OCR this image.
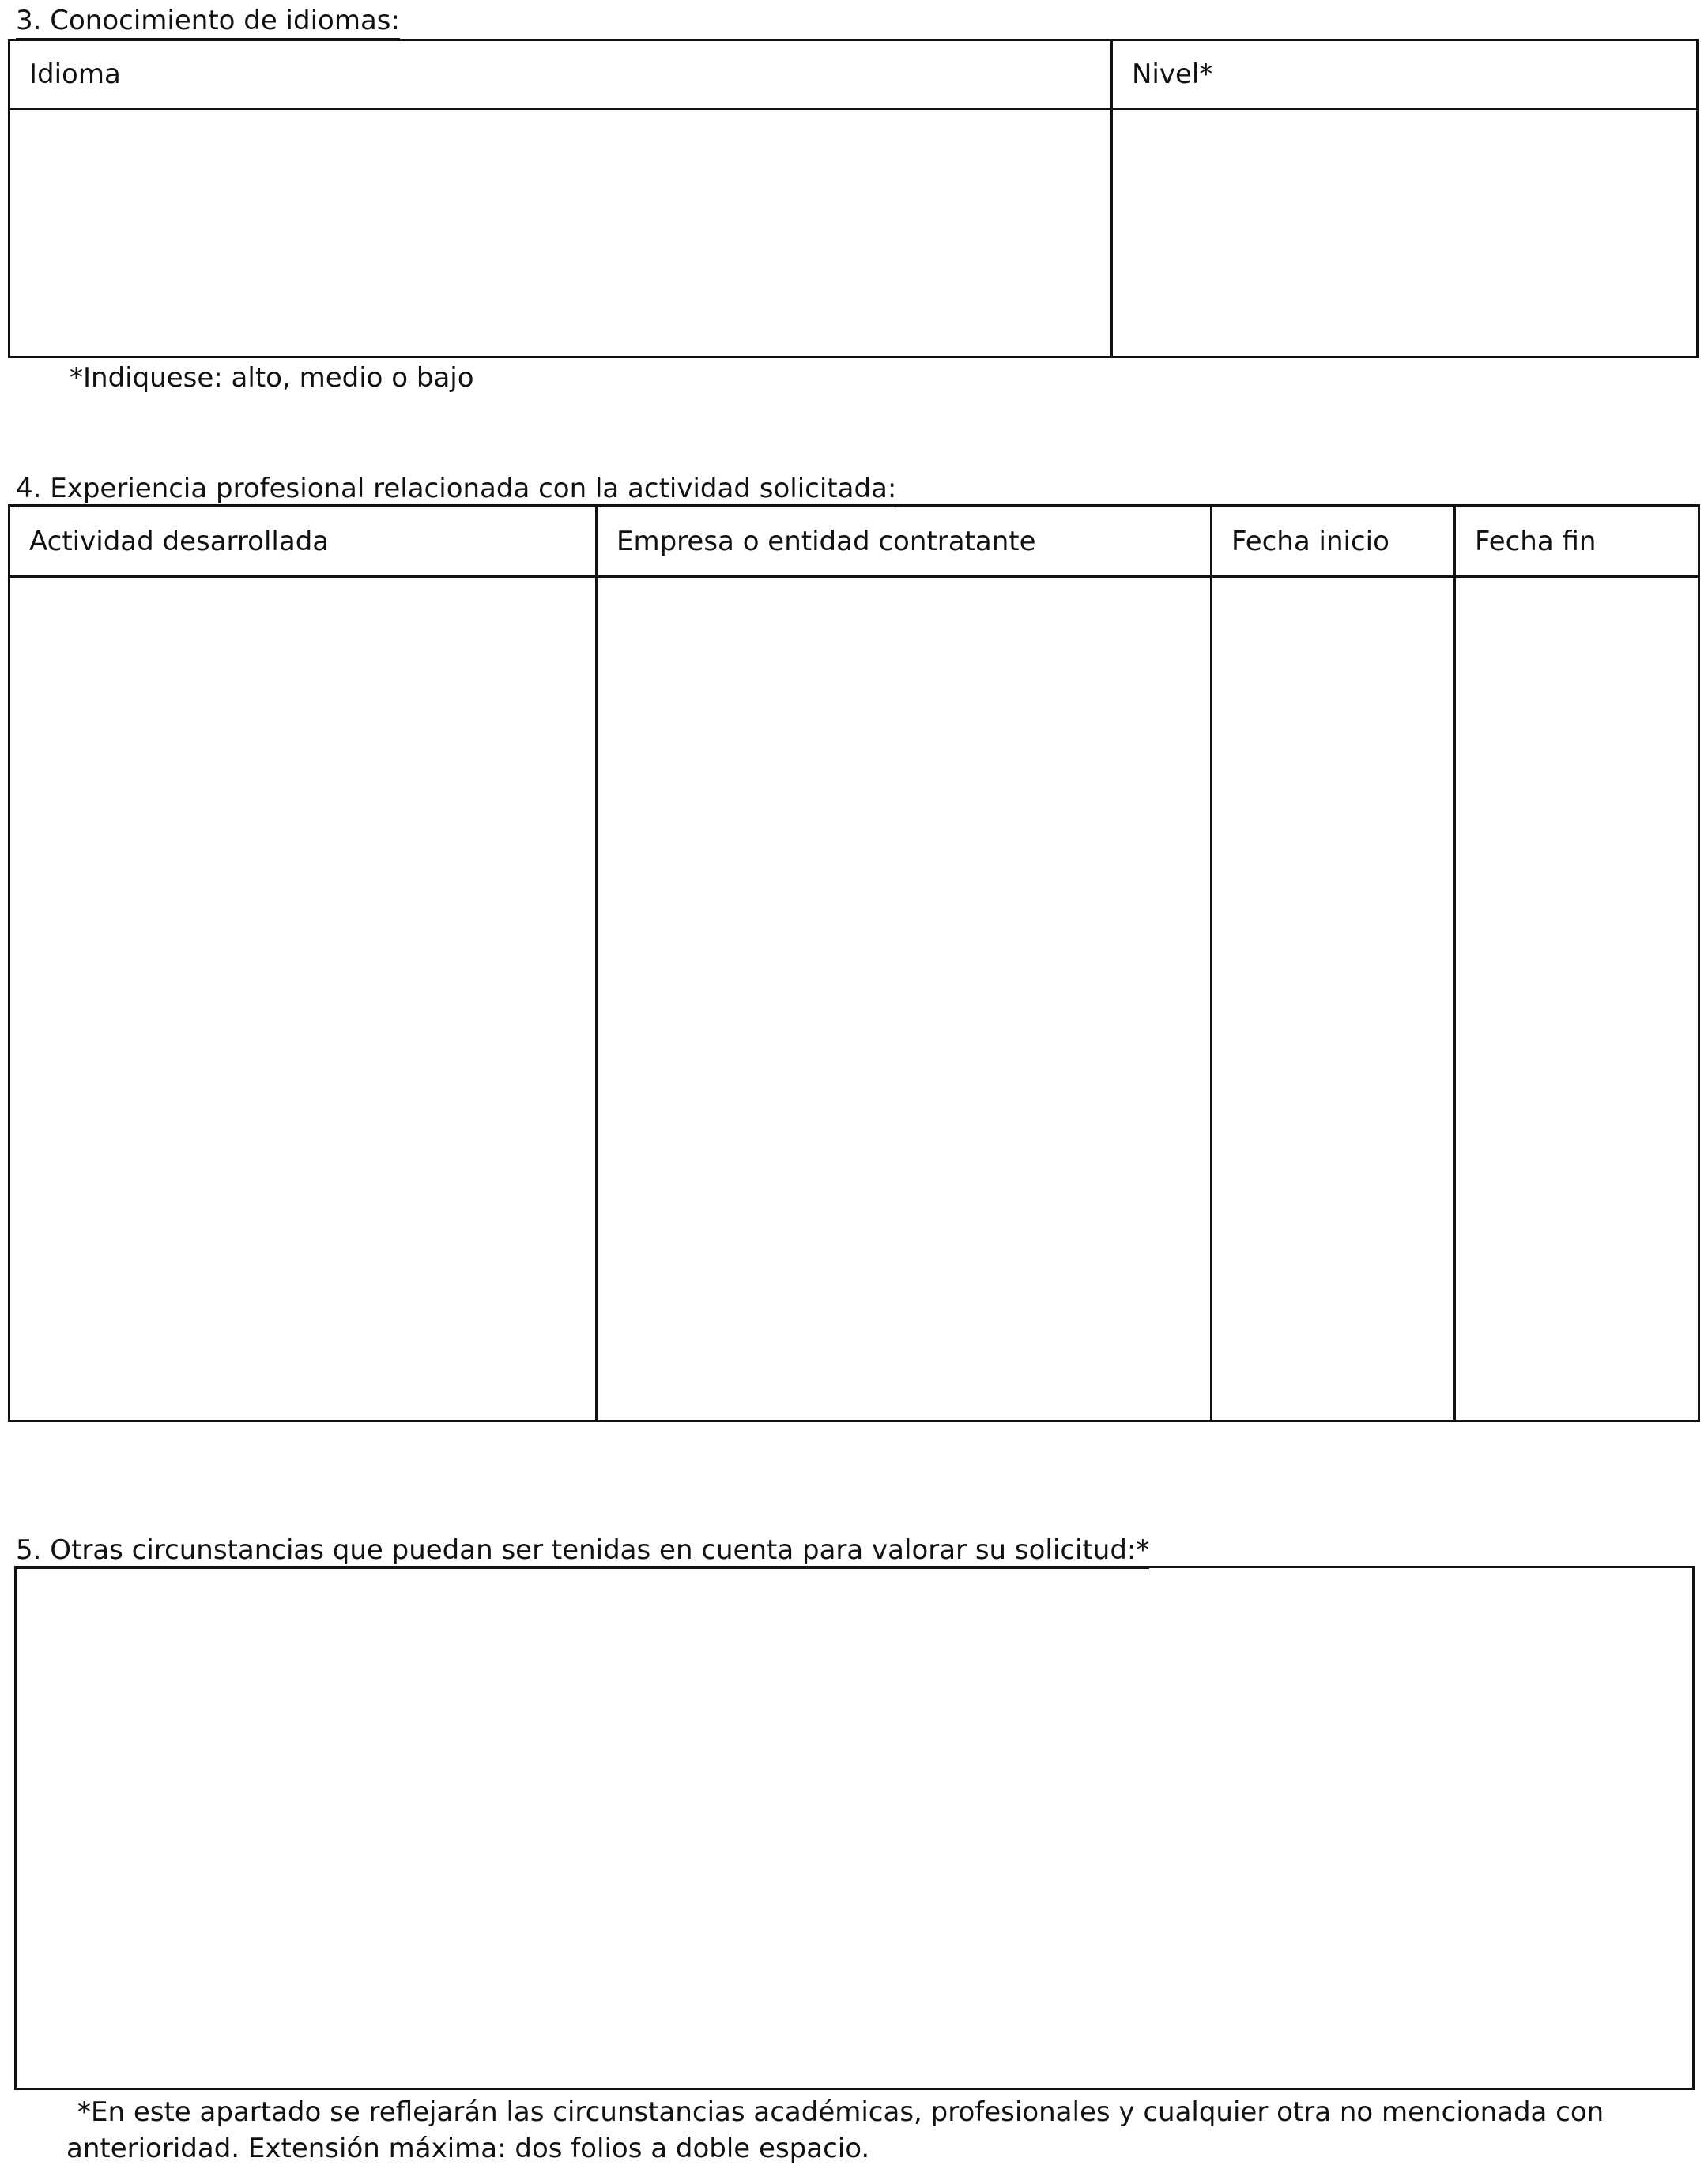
3. Conocimiento de idiomas:
Idioma	Nivel*

*Indiquese: alto, medio o bajo
4. Experiencia profesional relacionada con la actividad solicitada:
Actividad desarrollada	Empresa o entidad contratante	Fecha inicio	Fecha fin

5. Otras circunstancias que puedan ser tenidas en cuenta para valorar su solicitud:*
*En este apartado se reflejarán las circunstancias académicas, profesionales y cualquier otra no mencionada con
anterioridad. Extensión máxima: dos folios a doble espacio.
